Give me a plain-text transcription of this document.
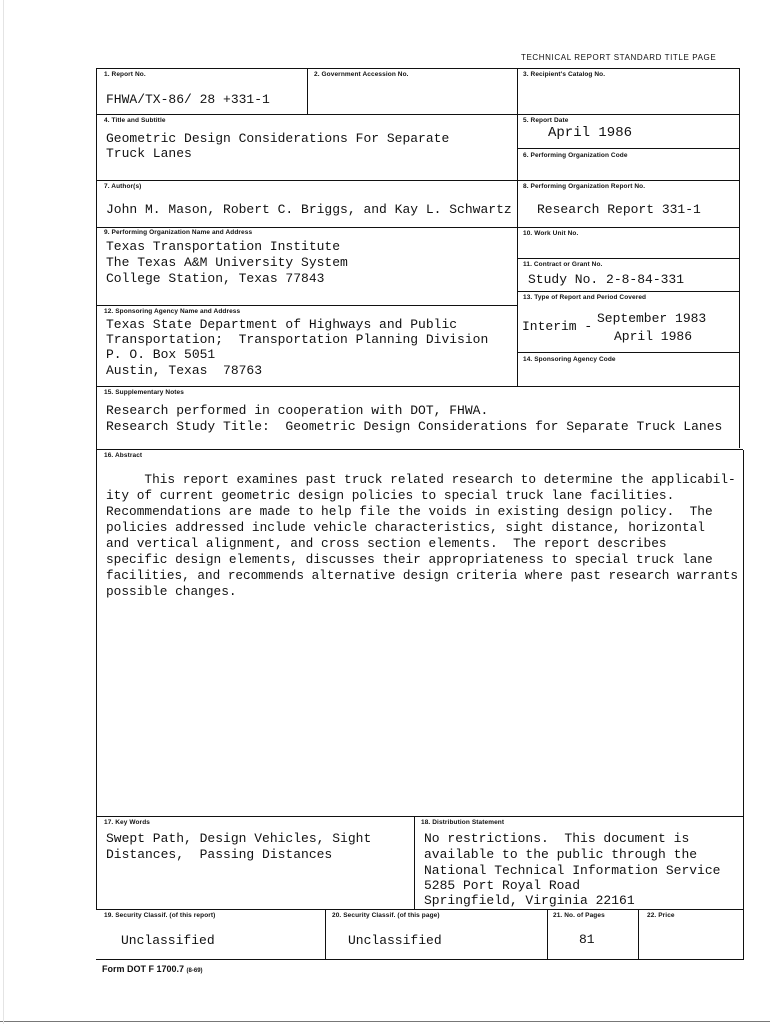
TECHNICAL REPORT STANDARD TITLE PAGE
1. Report No.
FHWA/TX-86/ 28 +331-1
2. Government Accession No.	3. Recipient's Catalog No.
4. Title and Subtitle
Geometric Design Considerations For Separate
Truck Lanes
5. Report Date
April 1986
6. Performing Organization Code
7. Author(s)
John M. Mason, Robert C. Briggs, and Kay L. Schwartz
8. Performing Organization Report No.
Research Report 331-1
9. Performing Organization Name and Address
Texas Transportation Institute
The Texas A&M University System
College Station, Texas 77843
10. Work Unit No.
11. Contract or Grant No.
Study No. 2-8-84-331
13. Type of Report and Period Covered
Interim -
September 1983
April 1986
12. Sponsoring Agency Name and Address
Texas State Department of Highways and Public
Transportation;  Transportation Planning Division
P. O. Box 5051
Austin, Texas  78763
14. Sponsoring Agency Code
15. Supplementary Notes
Research performed in cooperation with DOT, FHWA.
Research Study Title:  Geometric Design Considerations for Separate Truck Lanes
16. Abstract
This report examines past truck related research to determine the applicabil-
ity of current geometric design policies to special truck lane facilities.
Recommendations are made to help file the voids in existing design policy.  The
policies addressed include vehicle characteristics, sight distance, horizontal
and vertical alignment, and cross section elements.  The report describes
specific design elements, discusses their appropriateness to special truck lane
facilities, and recommends alternative design criteria where past research warrants
possible changes.
17. Key Words
Swept Path, Design Vehicles, Sight
Distances,  Passing Distances
18. Distribution Statement
No restrictions.  This document is
available to the public through the
National Technical Information Service
5285 Port Royal Road
Springfield, Virginia 22161
19. Security Classif. (of this report)
Unclassified
20. Security Classif. (of this page)
Unclassified
21. No. of Pages
81
22. Price
Form DOT F 1700.7 (8-69)
